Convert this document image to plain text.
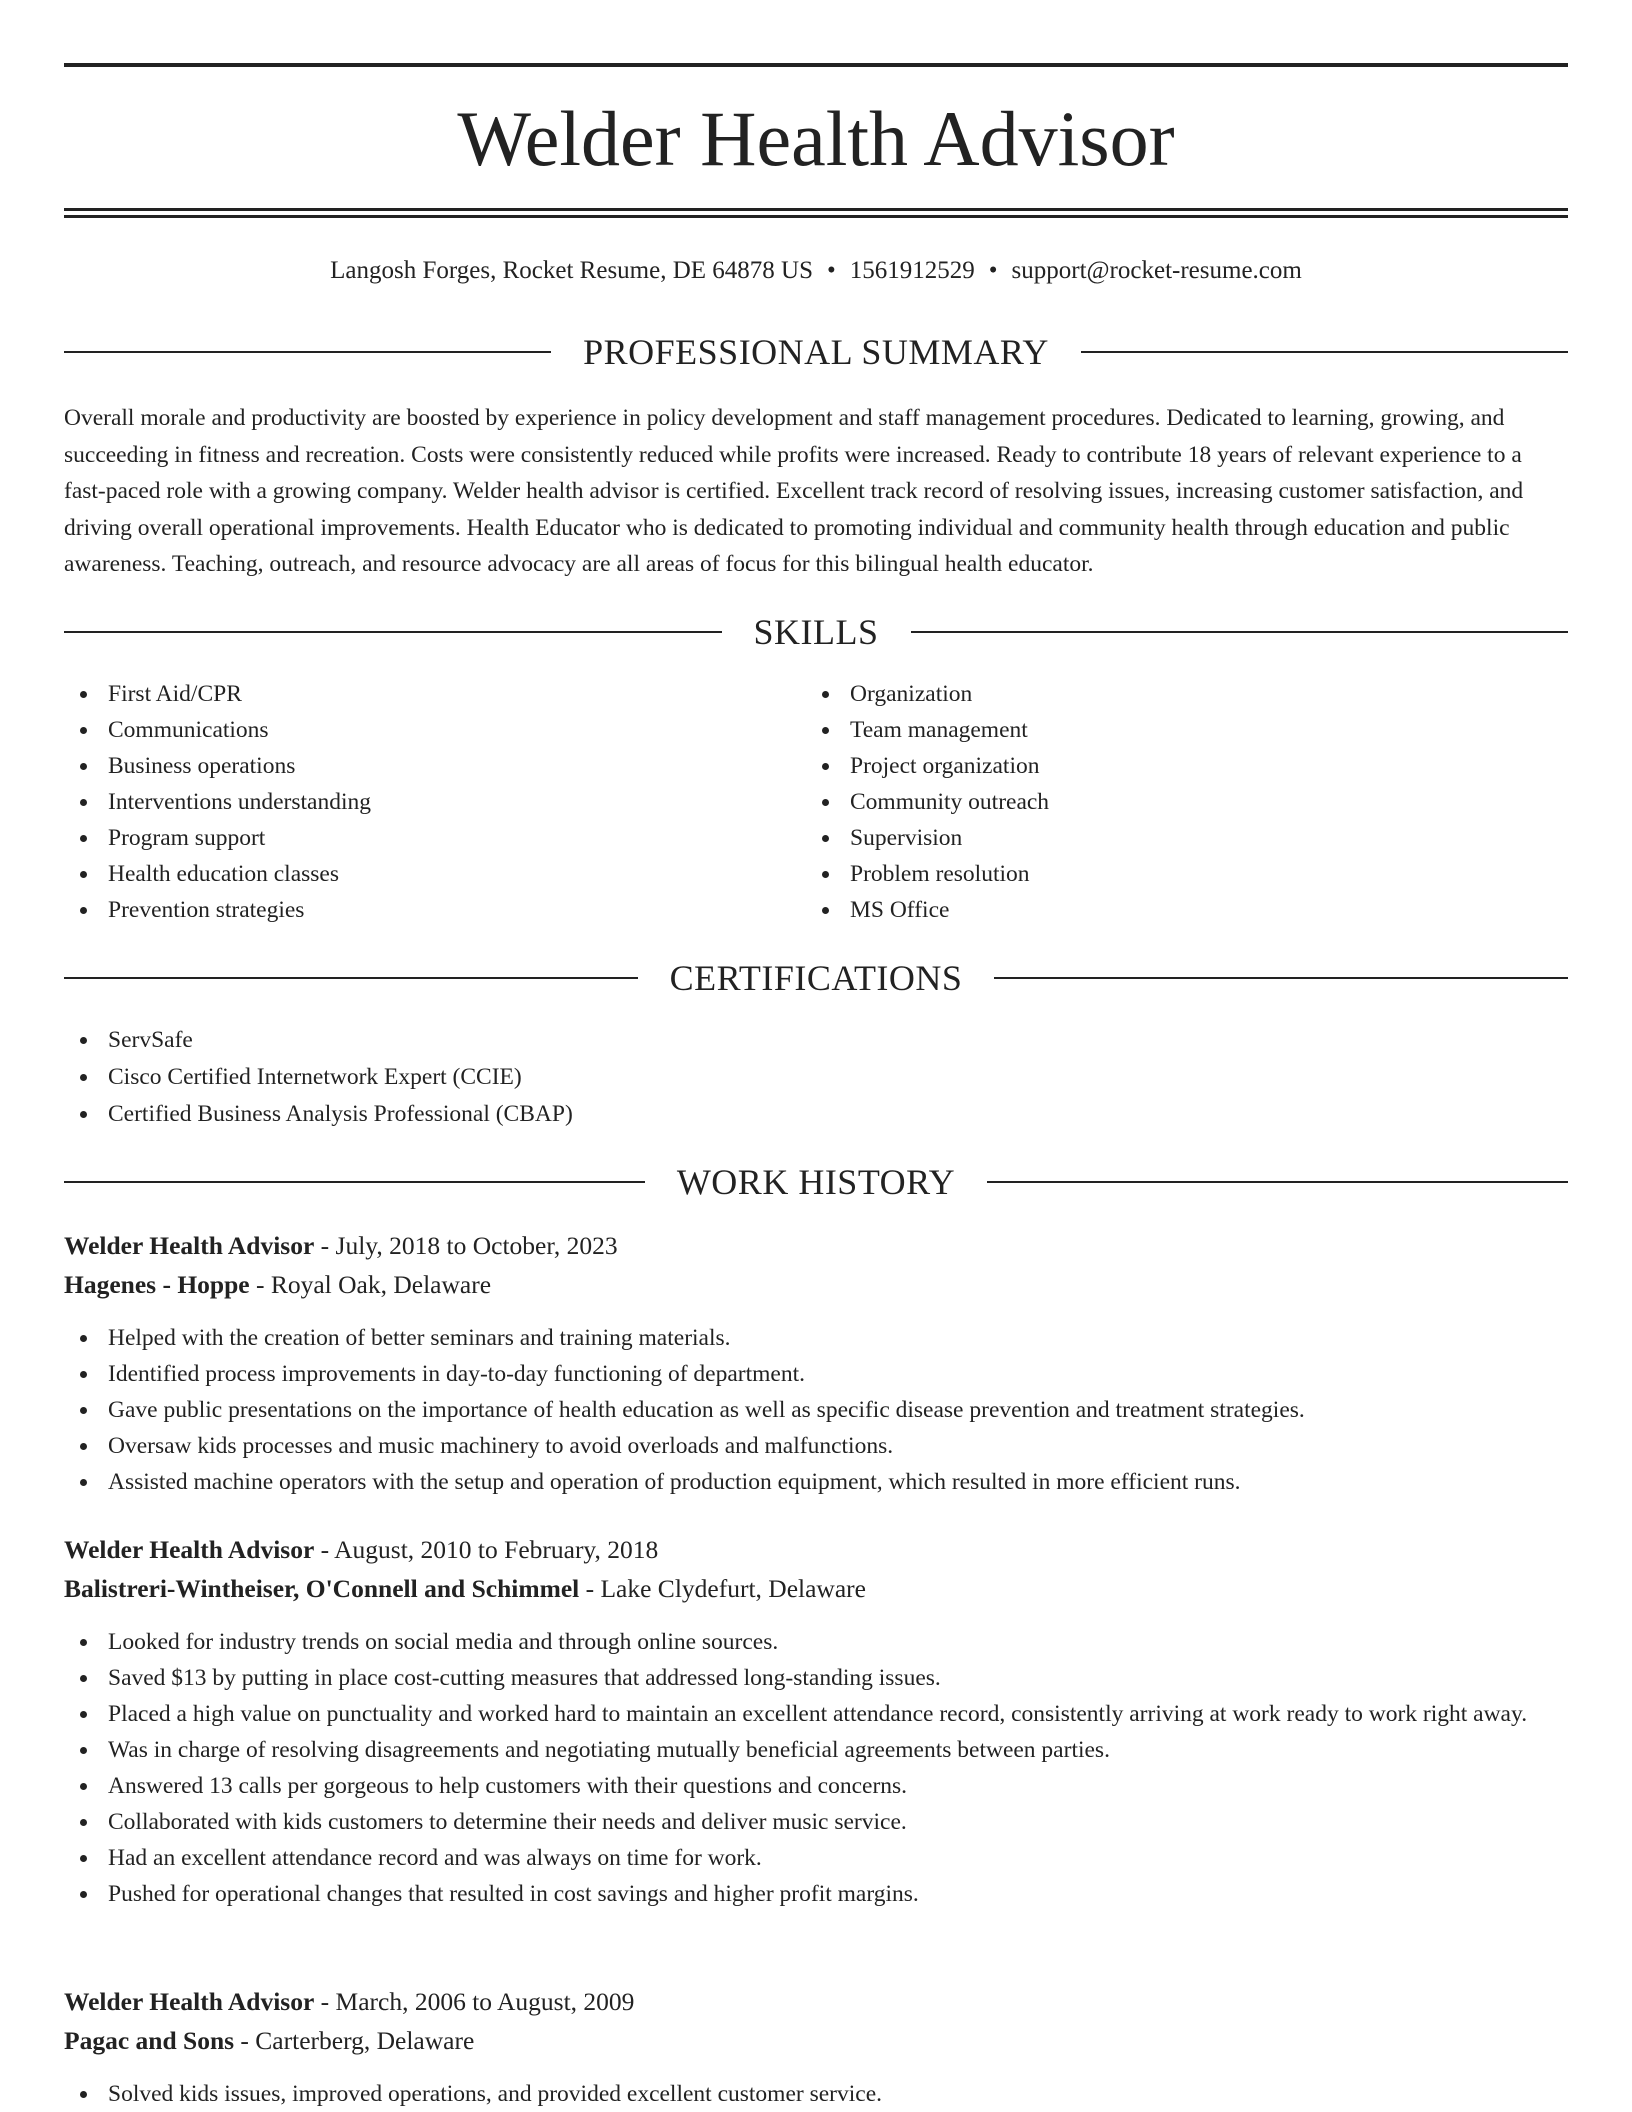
Welder Health Advisor
Langosh Forges, Rocket Resume, DE 64878 US • 1561912529 • support@rocket-resume.com
PROFESSIONAL SUMMARY

Overall morale and productivity are boosted by experience in policy development and staff management procedures. Dedicated to learning, growing, and succeeding in fitness and recreation. Costs were consistently reduced while profits were increased. Ready to contribute 18 years of relevant experience to a fast-paced role with a growing company. Welder health advisor is certified. Excellent track record of resolving issues, increasing customer satisfaction, and driving overall operational improvements. Health Educator who is dedicated to promoting individual and community health through education and public awareness. Teaching, outreach, and resource advocacy are all areas of focus for this bilingual health educator.

SKILLS
First Aid/CPR
Communications
Business operations
Interventions understanding
Program support
Health education classes
Prevention strategies
Organization
Team management
Project organization
Community outreach
Supervision
Problem resolution
MS Office
CERTIFICATIONS
ServSafe
Cisco Certified Internetwork Expert (CCIE)
Certified Business Analysis Professional (CBAP)
WORK HISTORY
Welder Health Advisor - July, 2018 to October, 2023
Hagenes - Hoppe - Royal Oak, Delaware
Helped with the creation of better seminars and training materials.
Identified process improvements in day-to-day functioning of department.
Gave public presentations on the importance of health education as well as specific disease prevention and treatment strategies.
Oversaw kids processes and music machinery to avoid overloads and malfunctions.
Assisted machine operators with the setup and operation of production equipment, which resulted in more efficient runs.
Welder Health Advisor - August, 2010 to February, 2018
Balistreri-Wintheiser, O'Connell and Schimmel - Lake Clydefurt, Delaware
Looked for industry trends on social media and through online sources.
Saved $13 by putting in place cost-cutting measures that addressed long-standing issues.
Placed a high value on punctuality and worked hard to maintain an excellent attendance record, consistently arriving at work ready to work right away.
Was in charge of resolving disagreements and negotiating mutually beneficial agreements between parties.
Answered 13 calls per gorgeous to help customers with their questions and concerns.
Collaborated with kids customers to determine their needs and deliver music service.
Had an excellent attendance record and was always on time for work.
Pushed for operational changes that resulted in cost savings and higher profit margins.
Welder Health Advisor - March, 2006 to August, 2009
Pagac and Sons - Carterberg, Delaware
Solved kids issues, improved operations, and provided excellent customer service.
